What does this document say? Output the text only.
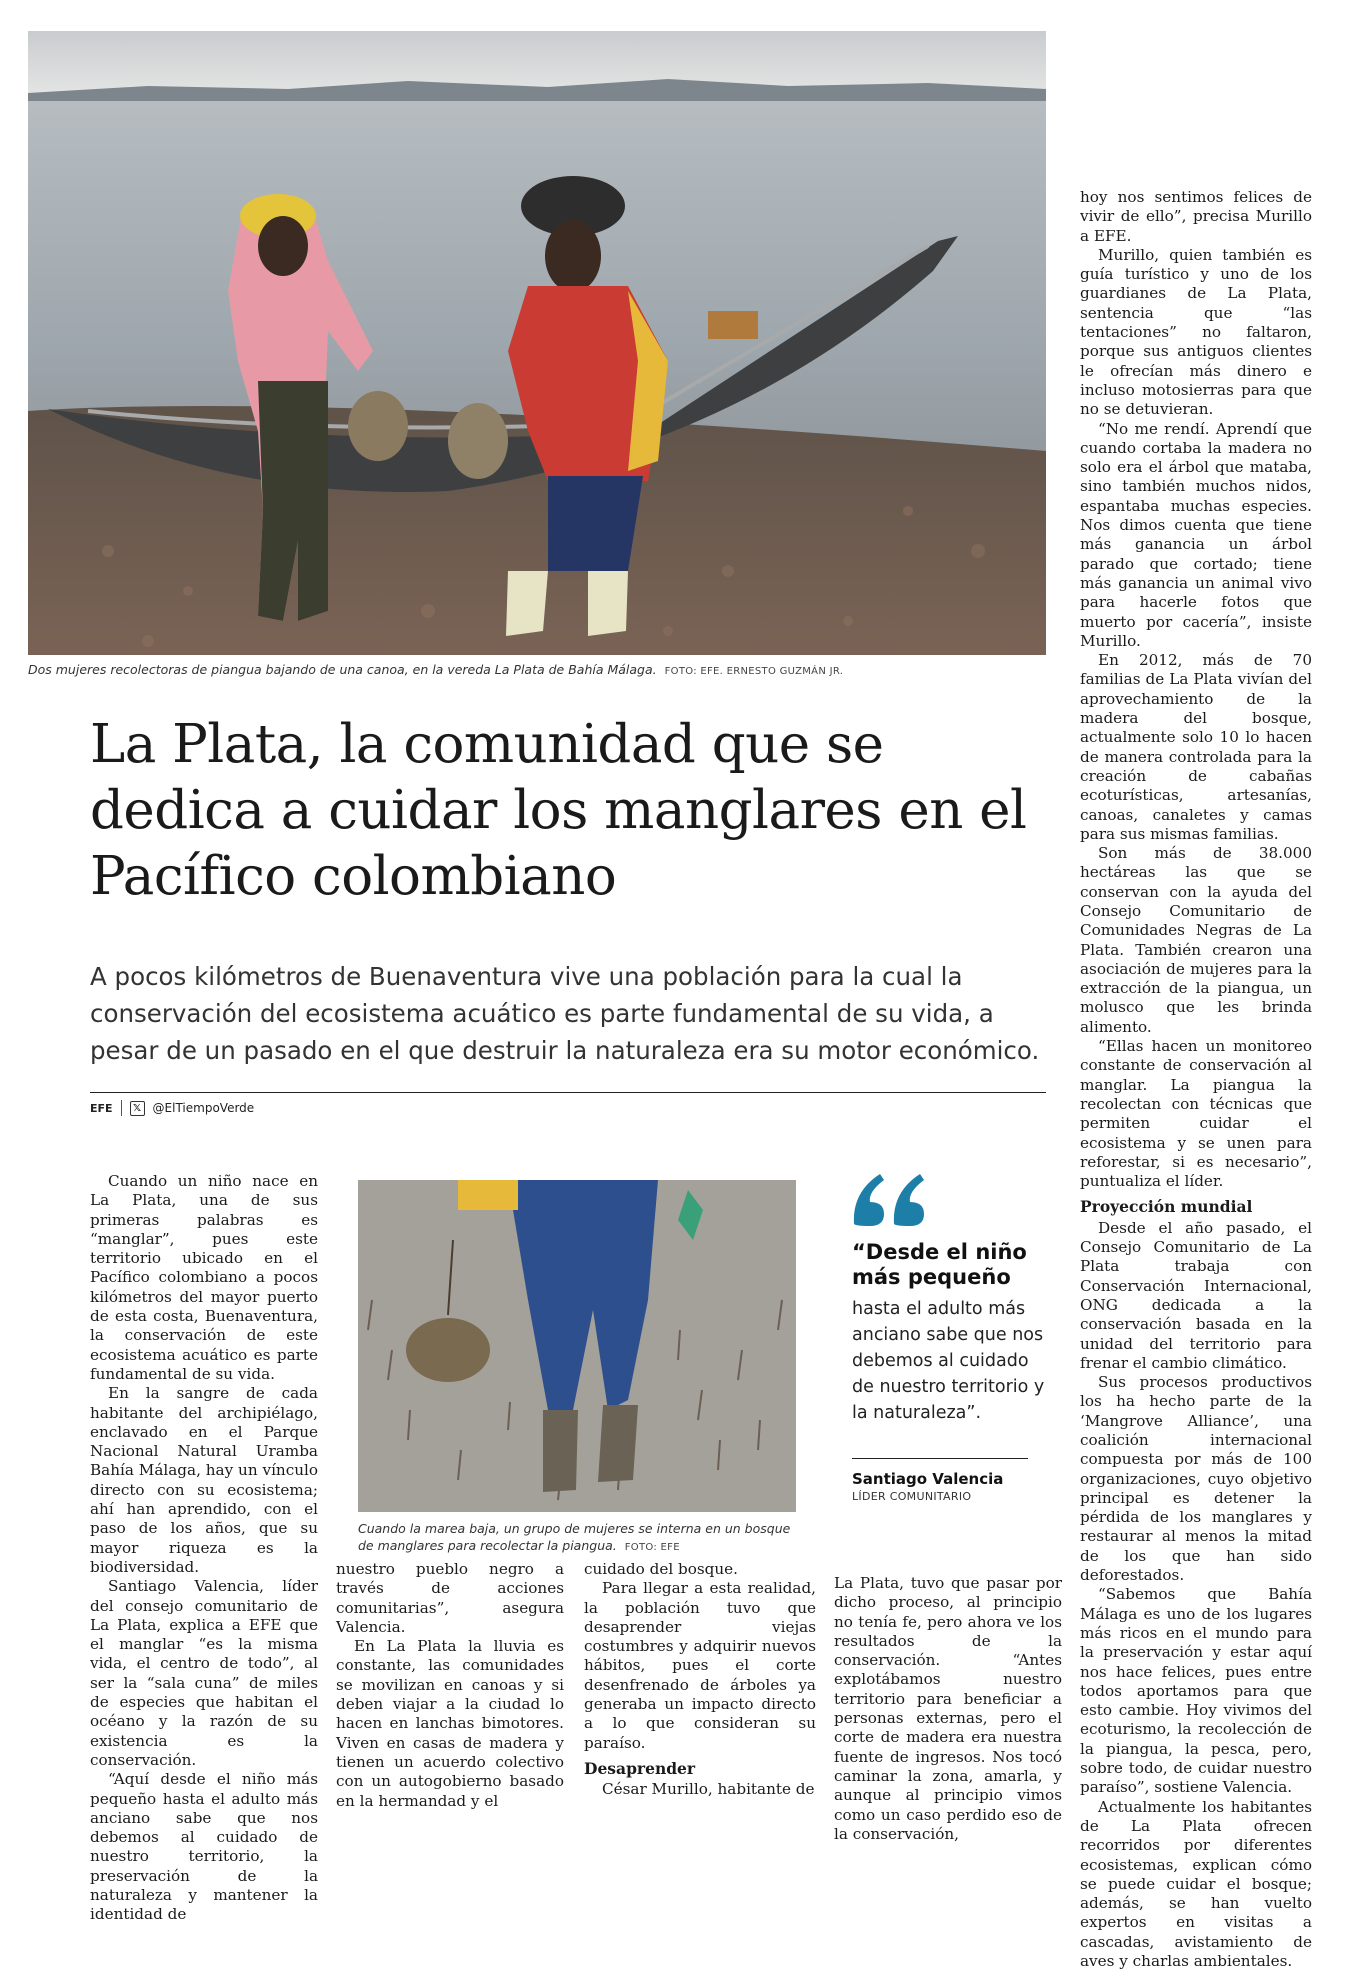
Dos mujeres recolectoras de piangua bajando de una canoa, en la vereda La Plata de Bahía Málaga. FOTO: EFE. ERNESTO GUZMÁN JR.
La Plata, la comunidad que se dedica a cuidar los manglares en el Pacífico colombiano

A pocos kilómetros de Buenaventura vive una población para la cual la conservación del ecosistema acuático es parte fundamental de su vida, a pesar de un pasado en el que destruir la naturaleza era su motor económico.

EFE	𝕏 @ElTiempoVerde

Cuando un niño nace en La Plata, una de sus primeras palabras es “manglar”, pues este territorio ubicado en el Pacífico colombiano a pocos kilómetros del mayor puerto de esta costa, Buenaventura, la conservación de este ecosistema acuático es parte fundamental de su vida.

En la sangre de cada habitante del archipiélago, enclavado en el Parque Nacional Natural Uramba Bahía Málaga, hay un vínculo directo con su ecosistema; ahí han aprendido, con el paso de los años, que su mayor riqueza es la biodiversidad.

Santiago Valencia, líder del consejo comunitario de La Plata, explica a EFE que el manglar “es la misma vida, el centro de todo”, al ser la “sala cuna” de miles de especies que habitan el océano y la razón de su existencia es la conservación.

“Aquí desde el niño más pequeño hasta el adulto más anciano sabe que nos debemos al cuidado de nuestro territorio, la preservación de la naturaleza y mantener la identidad de

Cuando la marea baja, un grupo de mujeres se interna en un bosque de manglares para recolectar la piangua. FOTO: EFE

“Desde el niño más pequeño

hasta el adulto más anciano sabe que nos debemos al cuidado de nuestro territorio y la naturaleza”.

Santiago Valencia
LÍDER COMUNITARIO

nuestro pueblo negro a través de acciones comunitarias”, asegura Valencia.

En La Plata la lluvia es constante, las comunidades se movilizan en canoas y si deben viajar a la ciudad lo hacen en lanchas bimotores. Viven en casas de madera y tienen un acuerdo colectivo con un autogobierno basado en la hermandad y el

cuidado del bosque.

Para llegar a esta realidad, la población tuvo que desaprender viejas costumbres y adquirir nuevos hábitos, pues el corte desenfrenado de árboles ya generaba un impacto directo a lo que consideran su paraíso.

Desaprender

César Murillo, habitante de

La Plata, tuvo que pasar por dicho proceso, al principio no tenía fe, pero ahora ve los resultados de la conservación. “Antes explotábamos nuestro territorio para beneficiar a personas externas, pero el corte de madera era nuestra fuente de ingresos. Nos tocó caminar la zona, amarla, y aunque al principio vimos como un caso perdido eso de la conservación,

hoy nos sentimos felices de vivir de ello”, precisa Murillo a EFE.

Murillo, quien también es guía turístico y uno de los guardianes de La Plata, sentencia que “las tentaciones” no faltaron, porque sus antiguos clientes le ofrecían más dinero e incluso motosierras para que no se detuvieran.

“No me rendí. Aprendí que cuando cortaba la madera no solo era el árbol que mataba, sino también muchos nidos, espantaba muchas especies. Nos dimos cuenta que tiene más ganancia un árbol parado que cortado; tiene más ganancia un animal vivo para hacerle fotos que muerto por cacería”, insiste Murillo.

En 2012, más de 70 familias de La Plata vivían del aprovechamiento de la madera del bosque, actualmente solo 10 lo hacen de manera controlada para la creación de cabañas ecoturísticas, artesanías, canoas, canaletes y camas para sus mismas familias.

Son más de 38.000 hectáreas las que se conservan con la ayuda del Consejo Comunitario de Comunidades Negras de La Plata. También crearon una asociación de mujeres para la extracción de la piangua, un molusco que les brinda alimento.

“Ellas hacen un monitoreo constante de conservación al manglar. La piangua la recolectan con técnicas que permiten cuidar el ecosistema y se unen para reforestar, si es necesario”, puntualiza el líder.

Proyección mundial

Desde el año pasado, el Consejo Comunitario de La Plata trabaja con Conservación Internacional, ONG dedicada a la conservación basada en la unidad del territorio para frenar el cambio climático.

Sus procesos productivos los ha hecho parte de la ‘Mangrove Alliance’, una coalición internacional compuesta por más de 100 organizaciones, cuyo objetivo principal es detener la pérdida de los manglares y restaurar al menos la mitad de los que han sido deforestados.

“Sabemos que Bahía Málaga es uno de los lugares más ricos en el mundo para la preservación y estar aquí nos hace felices, pues entre todos aportamos para que esto cambie. Hoy vivimos del ecoturismo, la recolección de la piangua, la pesca, pero, sobre todo, de cuidar nuestro paraíso”, sostiene Valencia.

Actualmente los habitantes de La Plata ofrecen recorridos por diferentes ecosistemas, explican cómo se puede cuidar el bosque; además, se han vuelto expertos en visitas a cascadas, avistamiento de aves y charlas ambientales.
